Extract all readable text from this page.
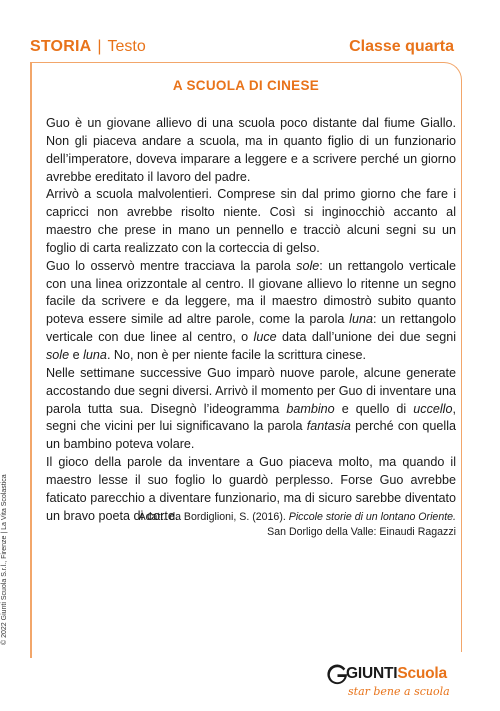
STORIA | Testo	Classe quarta
A SCUOLA DI CINESE

Guo è un giovane allievo di una scuola poco distante dal fiume Giallo. Non gli piaceva andare a scuola, ma in quanto figlio di un funzionario dell’imperatore, doveva imparare a leggere e a scrivere perché un giorno avrebbe ereditato il lavoro del padre.

Arrivò a scuola malvolentieri. Comprese sin dal primo giorno che fare i capricci non avrebbe risolto niente. Così si inginocchiò accanto al maestro che prese in mano un pennello e tracciò alcuni segni su un foglio di carta realizzato con la corteccia di gelso.

Guo lo osservò mentre tracciava la parola sole: un rettangolo verticale con una linea orizzontale al centro. Il giovane allievo lo ritenne un segno facile da scrivere e da leggere, ma il maestro dimostrò subito quanto poteva essere simile ad altre parole, come la parola luna: un rettangolo verticale con due linee al centro, o luce data dall’unione dei due segni sole e luna. No, non è per niente facile la scrittura cinese.

Nelle settimane successive Guo imparò nuove parole, alcune generate accostando due segni diversi. Arrivò il momento per Guo di inventare una parola tutta sua. Disegnò l’ideogramma bambino e quello di uccello, segni che vicini per lui significavano la parola fantasia perché con quella un bambino poteva volare.

Il gioco della parole da inventare a Guo piaceva molto, ma quando il maestro lesse il suo foglio lo guardò perplesso. Forse Guo avrebbe faticato parecchio a diventare funzionario, ma di sicuro sarebbe diventato un bravo poeta di corte.

Adatt. da Bordiglioni, S. (2016). Piccole storie di un lontano Oriente.
San Dorligo della Valle: Einaudi Ragazzi
© 2022 Giunti Scuola S.r.l., Firenze | La Vita Scolastica
GIUNTIScuola
star bene a scuola
